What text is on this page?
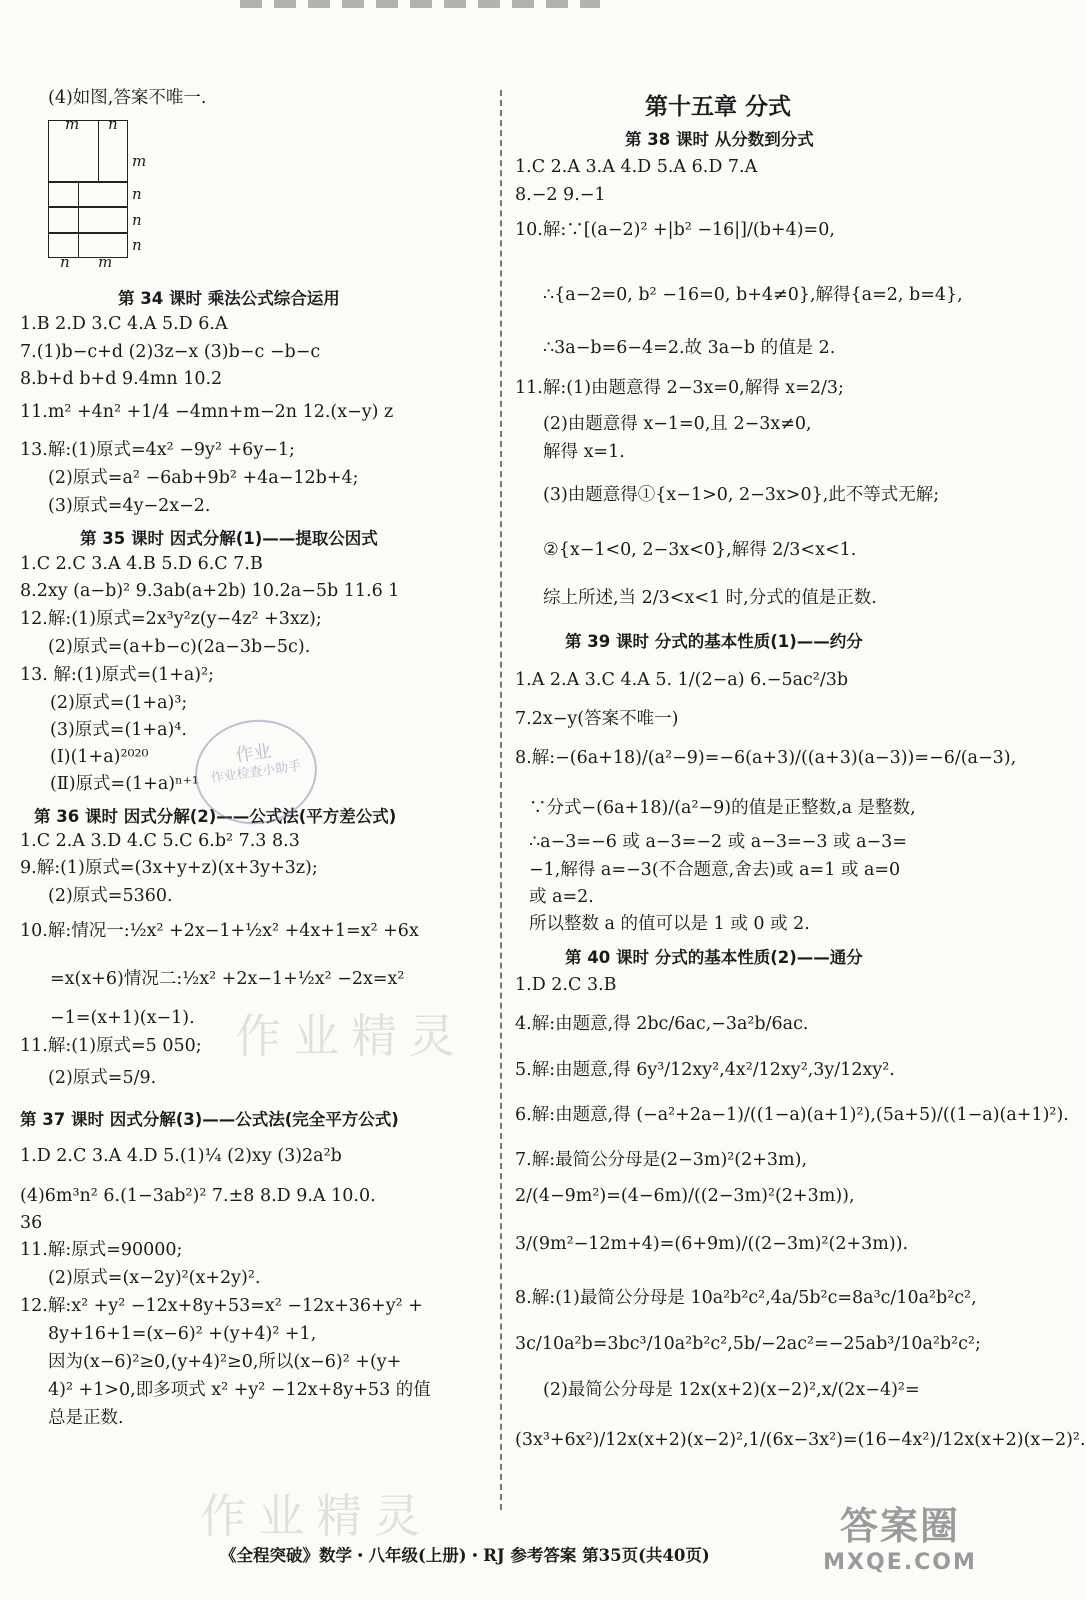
(4)如图,答案不唯一.
m n
m
n
n
n
n m
第 34 课时 乘法公式综合运用
1.B 2.D 3.C 4.A 5.D 6.A
7.(1)b−c+d (2)3z−x (3)b−c −b−c
8.b+d b+d 9.4mn 10.2
11.m² +4n² +1/4 −4mn+m−2n 12.(x−y) z
13.解:(1)原式=4x² −9y² +6y−1;
(2)原式=a² −6ab+9b² +4a−12b+4;
(3)原式=4y−2x−2.
第 35 课时 因式分解(1)——提取公因式
1.C 2.C 3.A 4.B 5.D 6.C 7.B
8.2xy (a−b)² 9.3ab(a+2b) 10.2a−5b 11.6 1
12.解:(1)原式=2x³y²z(y−4z² +3xz);
(2)原式=(a+b−c)(2a−3b−5c).
13. 解:(1)原式=(1+a)²;
(2)原式=(1+a)³;
(3)原式=(1+a)⁴.
(Ⅰ)(1+a)²⁰²⁰
(Ⅱ)原式=(1+a)ⁿ⁺¹
第 36 课时 因式分解(2)——公式法(平方差公式)
1.C 2.A 3.D 4.C 5.C 6.b² 7.3 8.3
9.解:(1)原式=(3x+y+z)(x+3y+3z);
(2)原式=5360.
10.解:情况一:½x² +2x−1+½x² +4x+1=x² +6x
=x(x+6)情况二:½x² +2x−1+½x² −2x=x²
−1=(x+1)(x−1).
11.解:(1)原式=5 050;
(2)原式=5/9.
第 37 课时 因式分解(3)——公式法(完全平方公式)
1.D 2.C 3.A 4.D 5.(1)¼ (2)xy (3)2a²b
(4)6m³n² 6.(1−3ab²)² 7.±8 8.D 9.A 10.0.
36
11.解:原式=90000;
(2)原式=(x−2y)²(x+2y)².
12.解:x² +y² −12x+8y+53=x² −12x+36+y² +
8y+16+1=(x−6)² +(y+4)² +1,
因为(x−6)²≥0,(y+4)²≥0,所以(x−6)² +(y+
4)² +1>0,即多项式 x² +y² −12x+8y+53 的值
总是正数.
第十五章 分式
第 38 课时 从分数到分式
1.C 2.A 3.A 4.D 5.A 6.D 7.A
8.−2 9.−1
10.解:∵[(a−2)² +|b² −16|]/(b+4)=0,
∴{a−2=0, b² −16=0, b+4≠0},解得{a=2, b=4},
∴3a−b=6−4=2.故 3a−b 的值是 2.
11.解:(1)由题意得 2−3x=0,解得 x=2/3;
(2)由题意得 x−1=0,且 2−3x≠0,
解得 x=1.
(3)由题意得①{x−1>0, 2−3x>0},此不等式无解;
②{x−1<0, 2−3x<0},解得 2/3<x<1.
综上所述,当 2/3<x<1 时,分式的值是正数.
第 39 课时 分式的基本性质(1)——约分
1.A 2.A 3.C 4.A 5. 1/(2−a) 6.−5ac²/3b
7.2x−y(答案不唯一)
8.解:−(6a+18)/(a²−9)=−6(a+3)/((a+3)(a−3))=−6/(a−3),
∵分式−(6a+18)/(a²−9)的值是正整数,a 是整数,
∴a−3=−6 或 a−3=−2 或 a−3=−3 或 a−3=
−1,解得 a=−3(不合题意,舍去)或 a=1 或 a=0
或 a=2.
所以整数 a 的值可以是 1 或 0 或 2.
第 40 课时 分式的基本性质(2)——通分
1.D 2.C 3.B
4.解:由题意,得 2bc/6ac,−3a²b/6ac.
5.解:由题意,得 6y³/12xy²,4x²/12xy²,3y/12xy².
6.解:由题意,得 (−a²+2a−1)/((1−a)(a+1)²),(5a+5)/((1−a)(a+1)²).
7.解:最简公分母是(2−3m)²(2+3m),
2/(4−9m²)=(4−6m)/((2−3m)²(2+3m)),
3/(9m²−12m+4)=(6+9m)/((2−3m)²(2+3m)).
8.解:(1)最简公分母是 10a²b²c²,4a/5b²c=8a³c/10a²b²c²,
3c/10a²b=3bc³/10a²b²c²,5b/−2ac²=−25ab³/10a²b²c²;
(2)最简公分母是 12x(x+2)(x−2)²,x/(2x−4)²=
(3x³+6x²)/12x(x+2)(x−2)²,1/(6x−3x²)=(16−4x²)/12x(x+2)(x−2)².
作业
作业检查小助手
作业精灵
作业精灵
《全程突破》数学・八年级(上册)・RJ 参考答案 第35页(共40页)
答案圈
MXQE.COM
